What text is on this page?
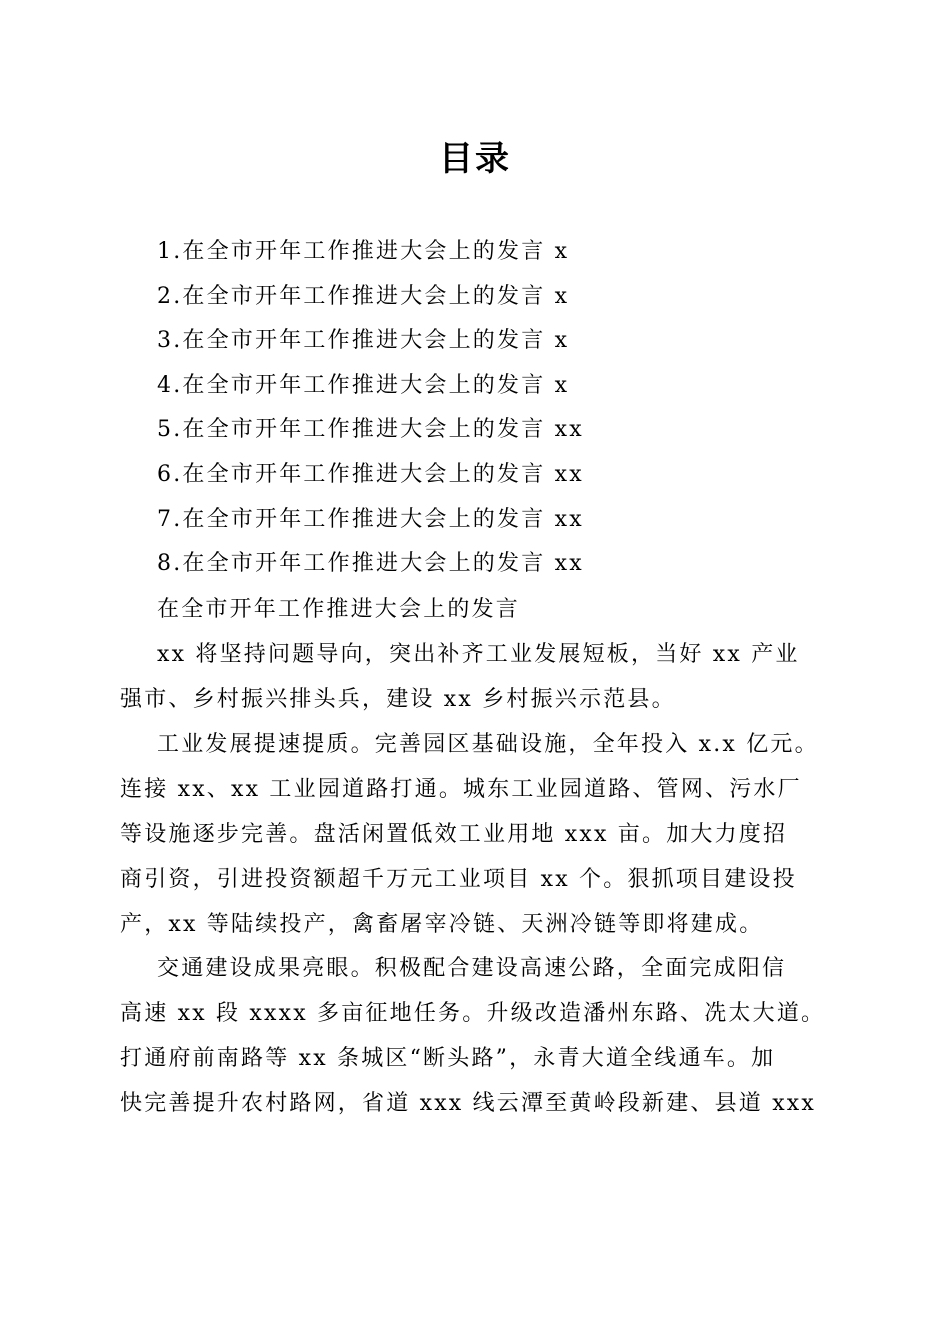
目录
1.在全市开年工作推进大会上的发言 x
2.在全市开年工作推进大会上的发言 x
3.在全市开年工作推进大会上的发言 x
4.在全市开年工作推进大会上的发言 x
5.在全市开年工作推进大会上的发言 xx
6.在全市开年工作推进大会上的发言 xx
7.在全市开年工作推进大会上的发言 xx
8.在全市开年工作推进大会上的发言 xx
在全市开年工作推进大会上的发言
xx 将坚持问题导向，突出补齐工业发展短板，当好 xx 产业
强市、乡村振兴排头兵，建设 xx 乡村振兴示范县。
工业发展提速提质。完善园区基础设施，全年投入 x.x 亿元。
连接 xx、xx 工业园道路打通。城东工业园道路、管网、污水厂
等设施逐步完善。盘活闲置低效工业用地 xxx 亩。加大力度招
商引资，引进投资额超千万元工业项目 xx 个。狠抓项目建设投
产，xx 等陆续投产，禽畜屠宰冷链、天洲冷链等即将建成。
交通建设成果亮眼。积极配合建设高速公路，全面完成阳信
高速 xx 段 xxxx 多亩征地任务。升级改造潘州东路、冼太大道。
打通府前南路等 xx 条城区“断头路”，永青大道全线通车。加
快完善提升农村路网，省道 xxx 线云潭至黄岭段新建、县道 xxx
